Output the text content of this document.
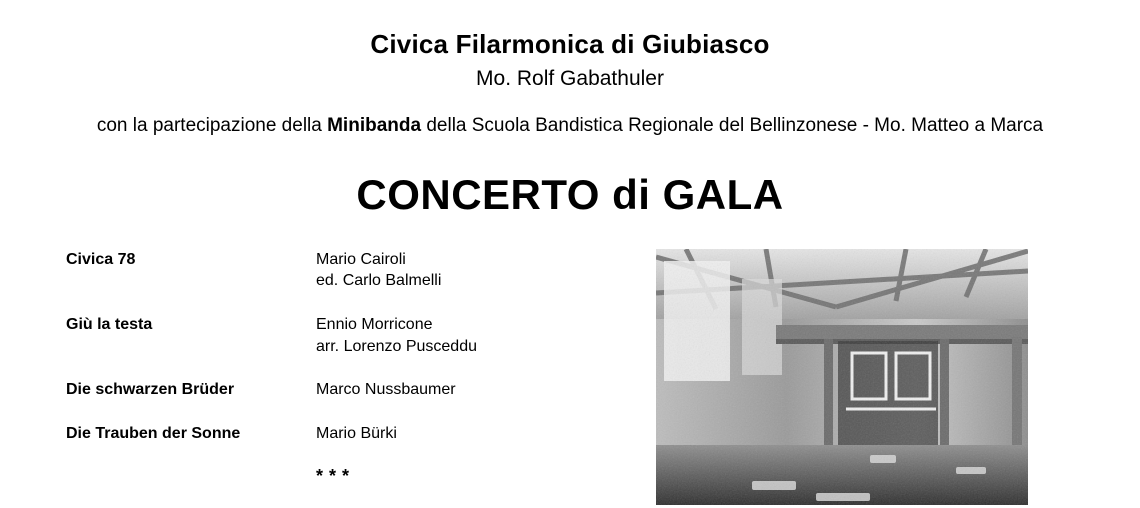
Civica Filarmonica di Giubiasco
Mo. Rolf Gabathuler
con la partecipazione della Minibanda della Scuola Bandistica Regionale del Bellinzonese - Mo. Matteo a Marca
CONCERTO di GALA
Civica 78	Mario Cairoli
ed. Carlo Balmelli
Giù la testa	Ennio Morricone
arr. Lorenzo Pusceddu
Die schwarzen Brüder	Marco Nussbaumer
Die Trauben der Sonne	Mario Bürki
***
